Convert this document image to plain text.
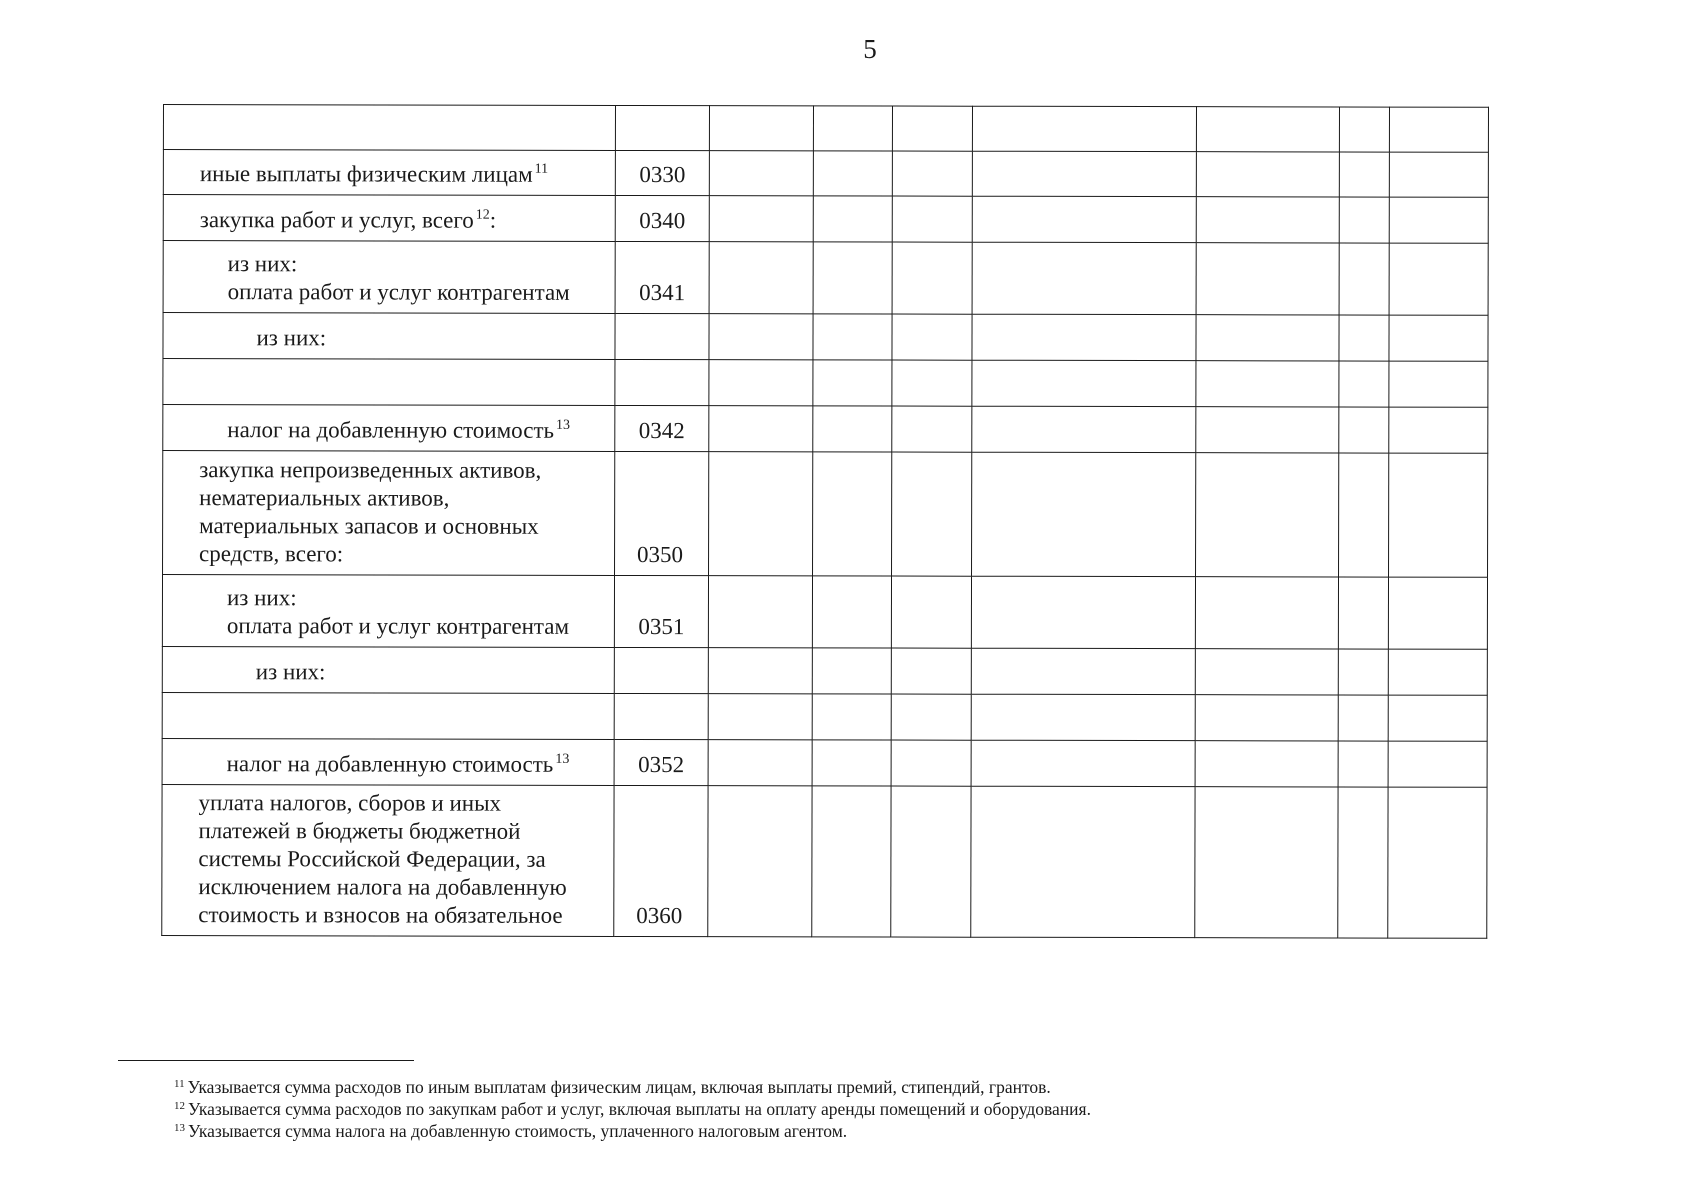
5

иные выплаты физическим лицам $^{11}$	0330							

закупка работ и услуг, всего $^{12}$:	0340							

из них:
оплата работ и услуг контрагентам	0341							

из них:								

налог на добавленную стоимость $^{13}$	0342							

закупка непроизведенных активов,
нематериальных активов,
материальных запасов и основных
средств, всего:	0350							

из них:
оплата работ и услуг контрагентам	0351							

из них:								

налог на добавленную стоимость $^{13}$	0352							

уплата налогов, сборов и иных
платежей в бюджеты бюджетной
системы Российской Федерации, за
исключением налога на добавленную
стоимость и взносов на обязательное	0360							
$^{11}$ Указывается сумма расходов по иным выплатам физическим лицам, включая выплаты премий, стипендий, грантов.
$^{12}$ Указывается сумма расходов по закупкам работ и услуг, включая выплаты на оплату аренды помещений и оборудования.
$^{13}$ Указывается сумма налога на добавленную стоимость, уплаченного налоговым агентом.
